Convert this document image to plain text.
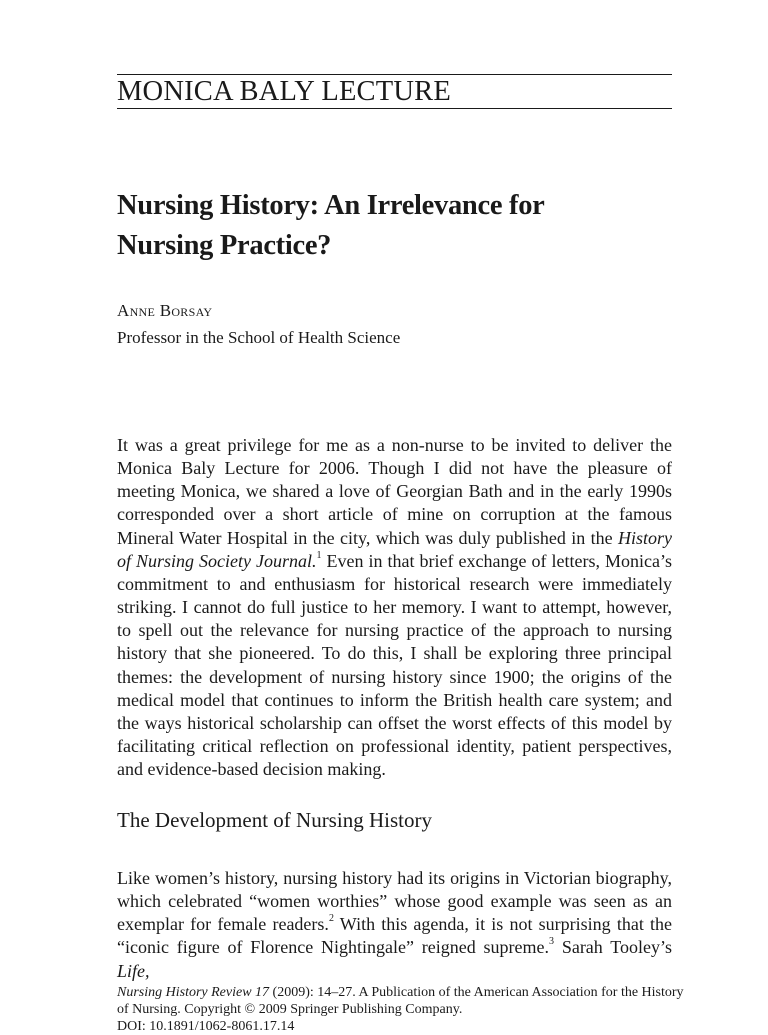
MONICA BALY LECTURE
Nursing History: An Irrelevance for
Nursing Practice?

Anne Borsay

Professor in the School of Health Science

It was a great privilege for me as a non-nurse to be invited to deliver the Monica Baly Lecture for 2006. Though I did not have the pleasure of meeting Monica, we shared a love of Georgian Bath and in the early 1990s corresponded over a short article of mine on corruption at the famous Mineral Water Hospital in the city, which was duly published in the History of Nursing Society Journal.$^1$ Even in that brief exchange of letters, Monica’s commitment to and enthusiasm for historical research were immediately striking. I cannot do full justice to her memory. I want to attempt, however, to spell out the relevance for nursing practice of the approach to nursing history that she pioneered. To do this, I shall be exploring three principal themes: the development of nursing history since 1900; the origins of the medical model that continues to inform the British health care system; and the ways historical scholarship can offset the worst effects of this model by facilitating critical reflection on professional identity, patient perspectives, and evidence-based decision making.

The Development of Nursing History

Like women’s history, nursing history had its origins in Victorian biography, which celebrated “women worthies” whose good example was seen as an exemplar for female readers.$^2$ With this agenda, it is not surprising that the “iconic figure of Florence Nightingale” reigned supreme.$^3$ Sarah Tooley’s Life,

Nursing History Review 17 (2009): 14–27. A Publication of the American Association for the History
of Nursing. Copyright © 2009 Springer Publishing Company.
DOI: 10.1891/1062-8061.17.14
